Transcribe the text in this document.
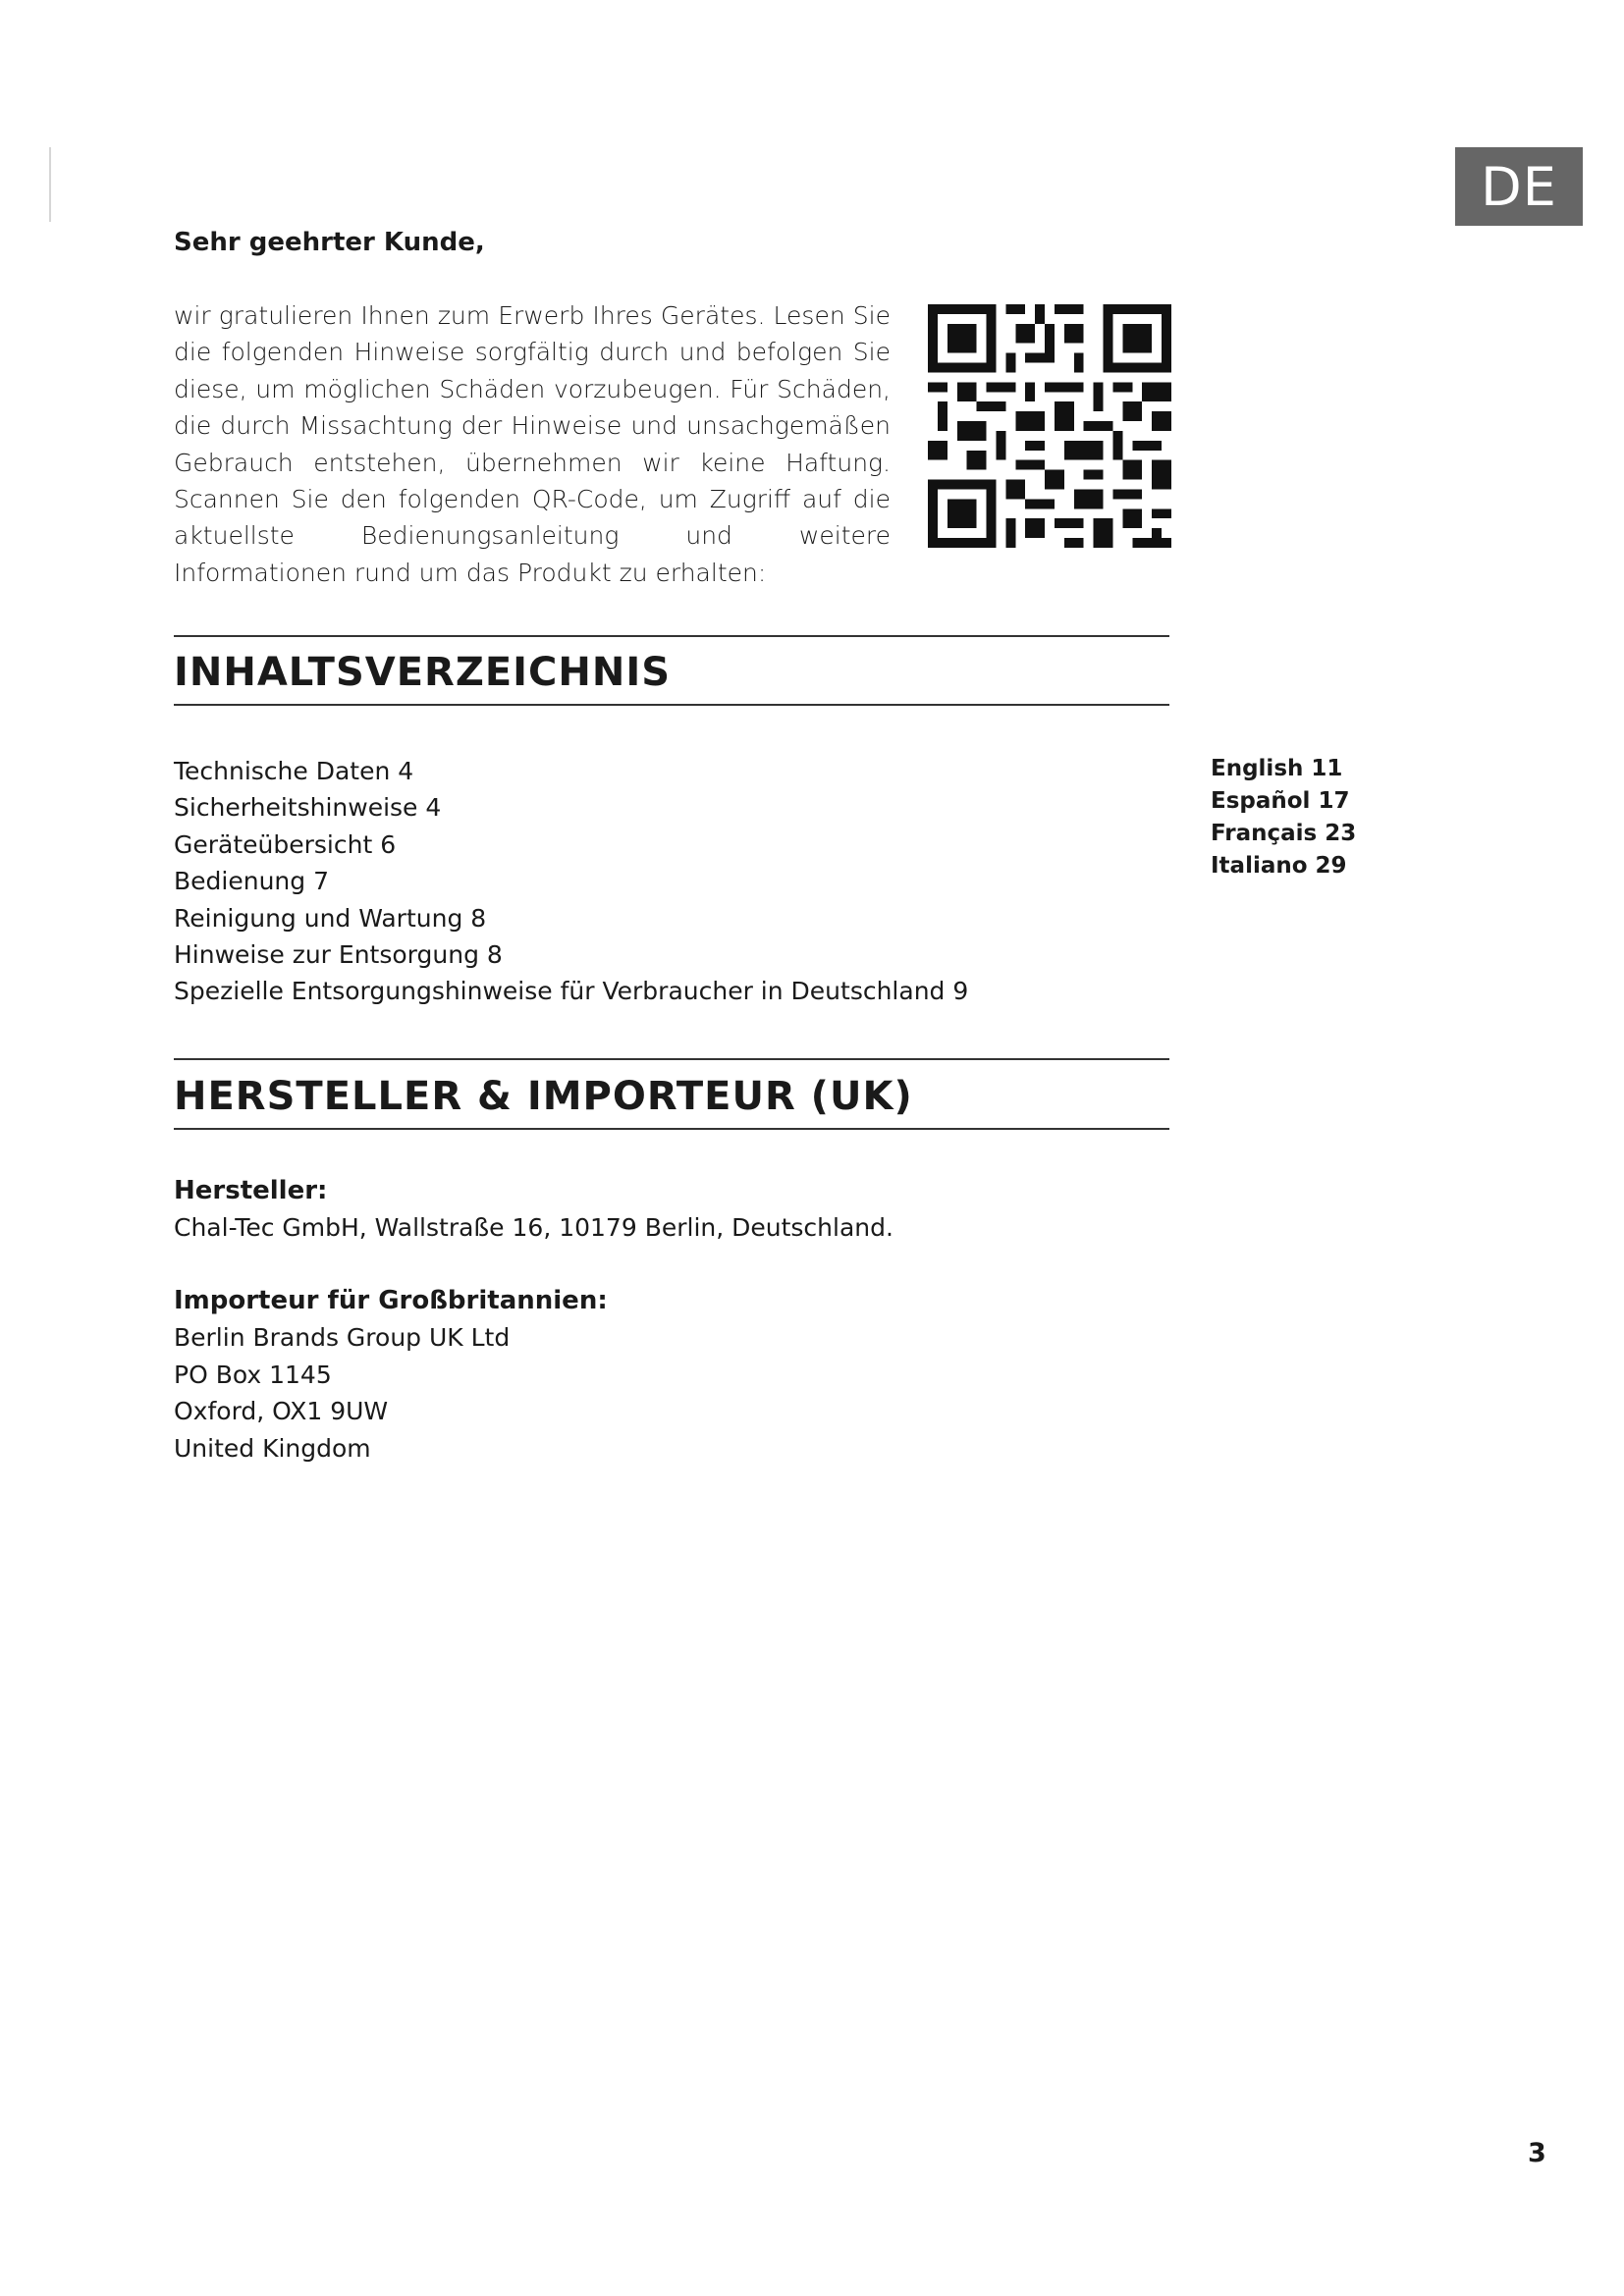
DE
Sehr geehrter Kunde,
wir gratulieren Ihnen zum Erwerb Ihres Gerätes. Lesen Sie die folgenden Hinweise sorgfältig durch und befolgen Sie diese, um möglichen Schäden vorzubeugen. Für Schäden, die durch Missachtung der Hinweise und unsachgemäßen Gebrauch entstehen, übernehmen wir keine Haftung. Scannen Sie den folgenden QR-Code, um Zugriff auf die aktuellste Bedienungsanleitung und weitere Informationen rund um das Produkt zu erhalten:
INHALTSVERZEICHNIS
Technische Daten 4
Sicherheitshinweise 4
Geräteübersicht 6
Bedienung 7
Reinigung und Wartung 8
Hinweise zur Entsorgung 8
Spezielle Entsorgungshinweise für Verbraucher in Deutschland 9
English 11
Español 17
Français 23
Italiano 29
HERSTELLER & IMPORTEUR (UK)
Hersteller:
Chal-Tec GmbH, Wallstraße 16, 10179 Berlin, Deutschland.
Importeur für Großbritannien:
Berlin Brands Group UK Ltd
PO Box 1145
Oxford, OX1 9UW
United Kingdom
3
